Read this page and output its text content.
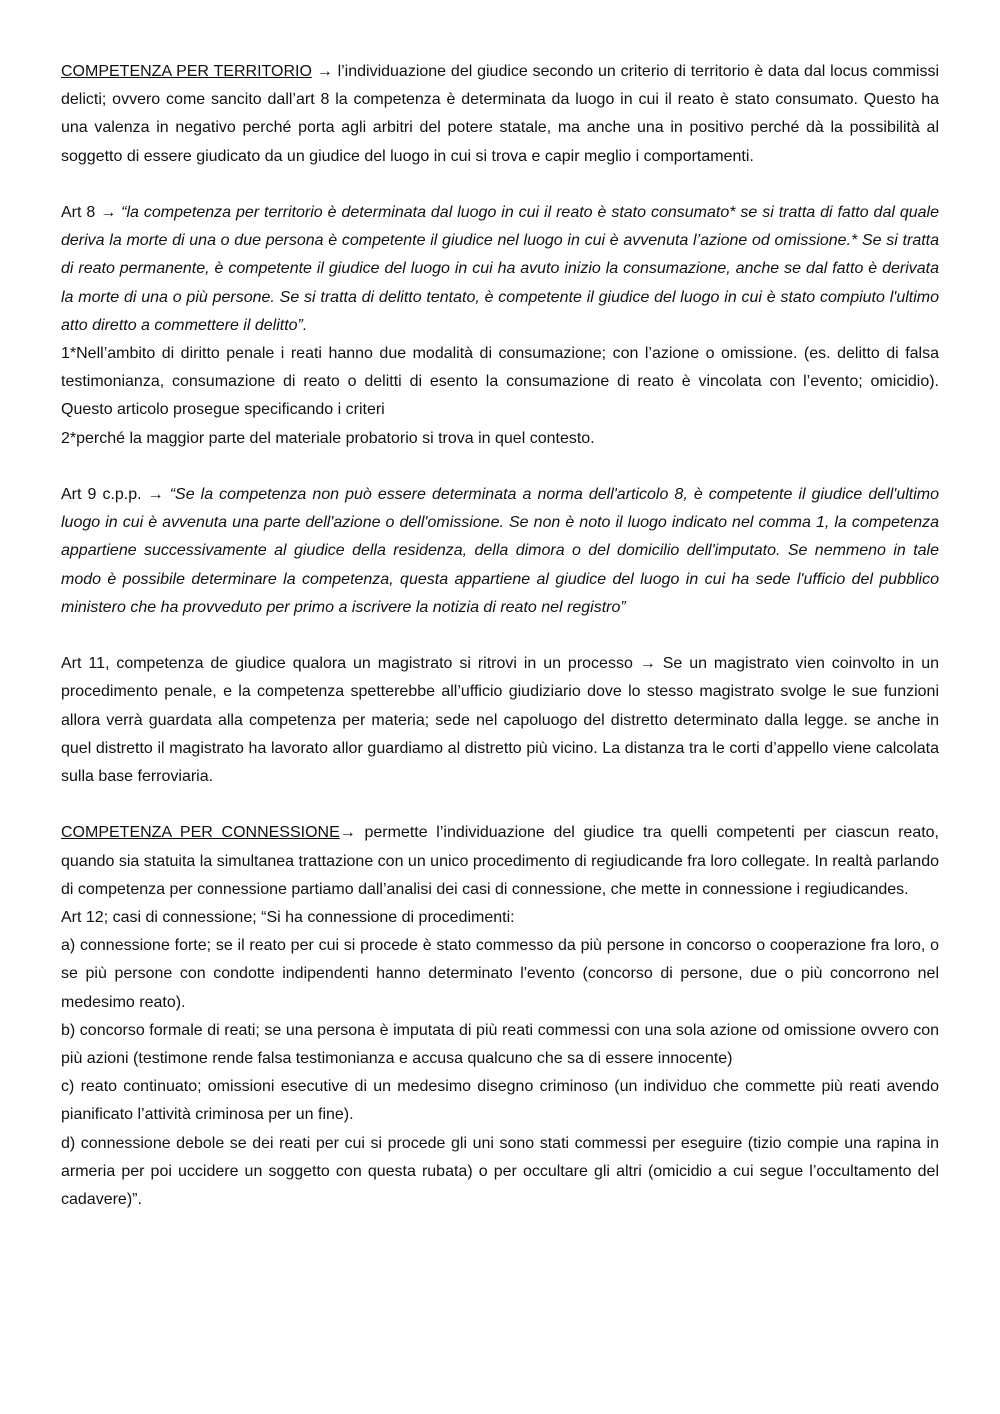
COMPETENZA PER TERRITORIO → l’individuazione del giudice secondo un criterio di territorio è data dal locus commissi delicti; ovvero come sancito dall’art 8 la competenza è determinata da luogo in cui il reato è stato consumato. Questo ha una valenza in negativo perché porta agli arbitri del potere statale, ma anche una in positivo perché dà la possibilità al soggetto di essere giudicato da un giudice del luogo in cui si trova e capir meglio i comportamenti.

Art 8 → “la competenza per territorio è determinata dal luogo in cui il reato è stato consumato* se si tratta di fatto dal quale deriva la morte di una o due persona è competente il giudice nel luogo in cui è avvenuta l’azione od omissione.* Se si tratta di reato permanente, è competente il giudice del luogo in cui ha avuto inizio la consumazione, anche se dal fatto è derivata la morte di una o più persone. Se si tratta di delitto tentato, è competente il giudice del luogo in cui è stato compiuto l'ultimo atto diretto a commettere il delitto”.

1*Nell’ambito di diritto penale i reati hanno due modalità di consumazione; con l’azione o omissione. (es. delitto di falsa testimonianza, consumazione di reato o delitti di esento la consumazione di reato è vincolata con l’evento; omicidio). Questo articolo prosegue specificando i criteri

2*perché la maggior parte del materiale probatorio si trova in quel contesto.

Art 9 c.p.p. → “Se la competenza non può essere determinata a norma dell'articolo 8, è competente il giudice dell'ultimo luogo in cui è avvenuta una parte dell'azione o dell'omissione. Se non è noto il luogo indicato nel comma 1, la competenza appartiene successivamente al giudice della residenza, della dimora o del domicilio dell'imputato. Se nemmeno in tale modo è possibile determinare la competenza, questa appartiene al giudice del luogo in cui ha sede l'ufficio del pubblico ministero che ha provveduto per primo a iscrivere la notizia di reato nel registro”

Art 11, competenza de giudice qualora un magistrato si ritrovi in un processo → Se un magistrato vien coinvolto in un procedimento penale, e la competenza spetterebbe all’ufficio giudiziario dove lo stesso magistrato svolge le sue funzioni allora verrà guardata alla competenza per materia; sede nel capoluogo del distretto determinato dalla legge. se anche in quel distretto il magistrato ha lavorato allor guardiamo al distretto più vicino. La distanza tra le corti d’appello viene calcolata sulla base ferroviaria.

COMPETENZA PER CONNESSIONE→ permette l’individuazione del giudice tra quelli competenti per ciascun reato, quando sia statuita la simultanea trattazione con un unico procedimento di regiudicande fra loro collegate. In realtà parlando di competenza per connessione partiamo dall’analisi dei casi di connessione, che mette in connessione i regiudicandes.

Art 12; casi di connessione; “Si ha connessione di procedimenti:

a) connessione forte; se il reato per cui si procede è stato commesso da più persone in concorso o cooperazione fra loro, o se più persone con condotte indipendenti hanno determinato l'evento (concorso di persone, due o più concorrono nel medesimo reato).

b) concorso formale di reati; se una persona è imputata di più reati commessi con una sola azione od omissione ovvero con più azioni (testimone rende falsa testimonianza e accusa qualcuno che sa di essere innocente)

c) reato continuato; omissioni esecutive di un medesimo disegno criminoso (un individuo che commette più reati avendo pianificato l’attività criminosa per un fine).

d) connessione debole se dei reati per cui si procede gli uni sono stati commessi per eseguire (tizio compie una rapina in armeria per poi uccidere un soggetto con questa rubata) o per occultare gli altri (omicidio a cui segue l’occultamento del cadavere)”.
